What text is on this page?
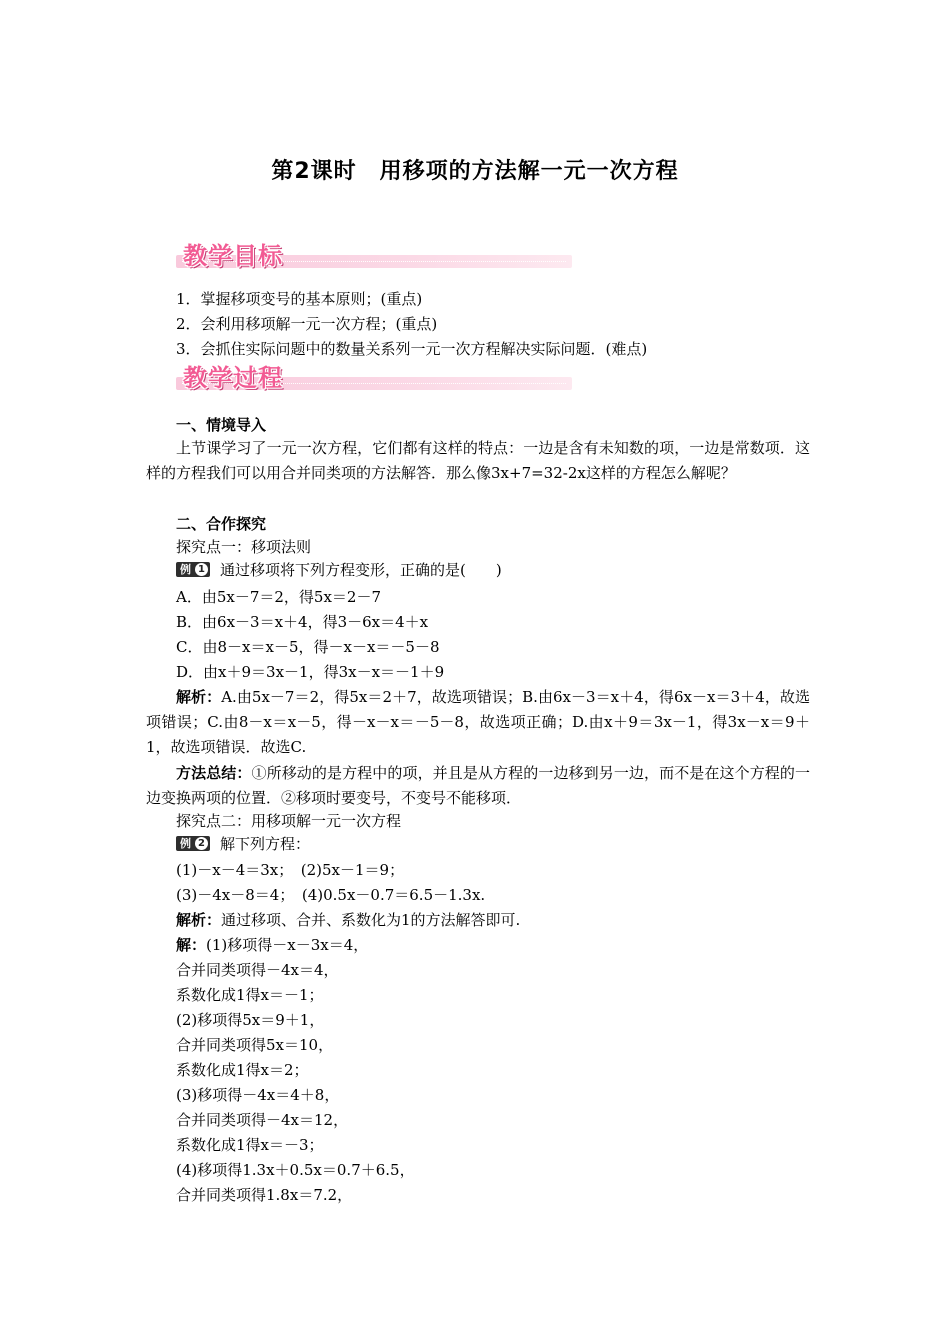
第2课时　用移项的方法解一元一次方程
教学目标
1．掌握移项变号的基本原则；(重点)
2．会利用移项解一元一次方程；(重点)
3．会抓住实际问题中的数量关系列一元一次方程解决实际问题．(难点)
教学过程
一、情境导入
上节课学习了一元一次方程，它们都有这样的特点：一边是含有未知数的项，一边是常数项．这样的方程我们可以用合并同类项的方法解答．那么像3x+7=32-2x这样的方程怎么解呢？
二、合作探究
探究点一：移项法则
例 1 通过移项将下列方程变形，正确的是(　　)
A．由5x－7＝2，得5x＝2－7
B．由6x－3＝x＋4，得3－6x＝4＋x
C．由8－x＝x－5，得－x－x＝－5－8
D．由x＋9＝3x－1，得3x－x＝－1＋9
解析：A.由5x－7＝2，得5x＝2＋7，故选项错误；B.由6x－3＝x＋4，得6x－x＝3＋4，故选项错误；C.由8－x＝x－5，得－x－x＝－5－8，故选项正确；D.由x＋9＝3x－1，得3x－x＝9＋1，故选项错误．故选C.
方法总结：①所移动的是方程中的项，并且是从方程的一边移到另一边，而不是在这个方程的一边变换两项的位置．②移项时要变号，不变号不能移项．
探究点二：用移项解一元一次方程
例 2 解下列方程：
(1)－x－4＝3x；　(2)5x－1＝9；
(3)－4x－8＝4；　(4)0.5x－0.7＝6.5－1.3x.
解析：通过移项、合并、系数化为1的方法解答即可.
解：(1)移项得－x－3x＝4，
合并同类项得－4x＝4，
系数化成1得x＝－1；
(2)移项得5x＝9＋1，
合并同类项得5x＝10，
系数化成1得x＝2；
(3)移项得－4x＝4＋8，
合并同类项得－4x＝12，
系数化成1得x＝－3；
(4)移项得1.3x＋0.5x＝0.7＋6.5，
合并同类项得1.8x＝7.2，
